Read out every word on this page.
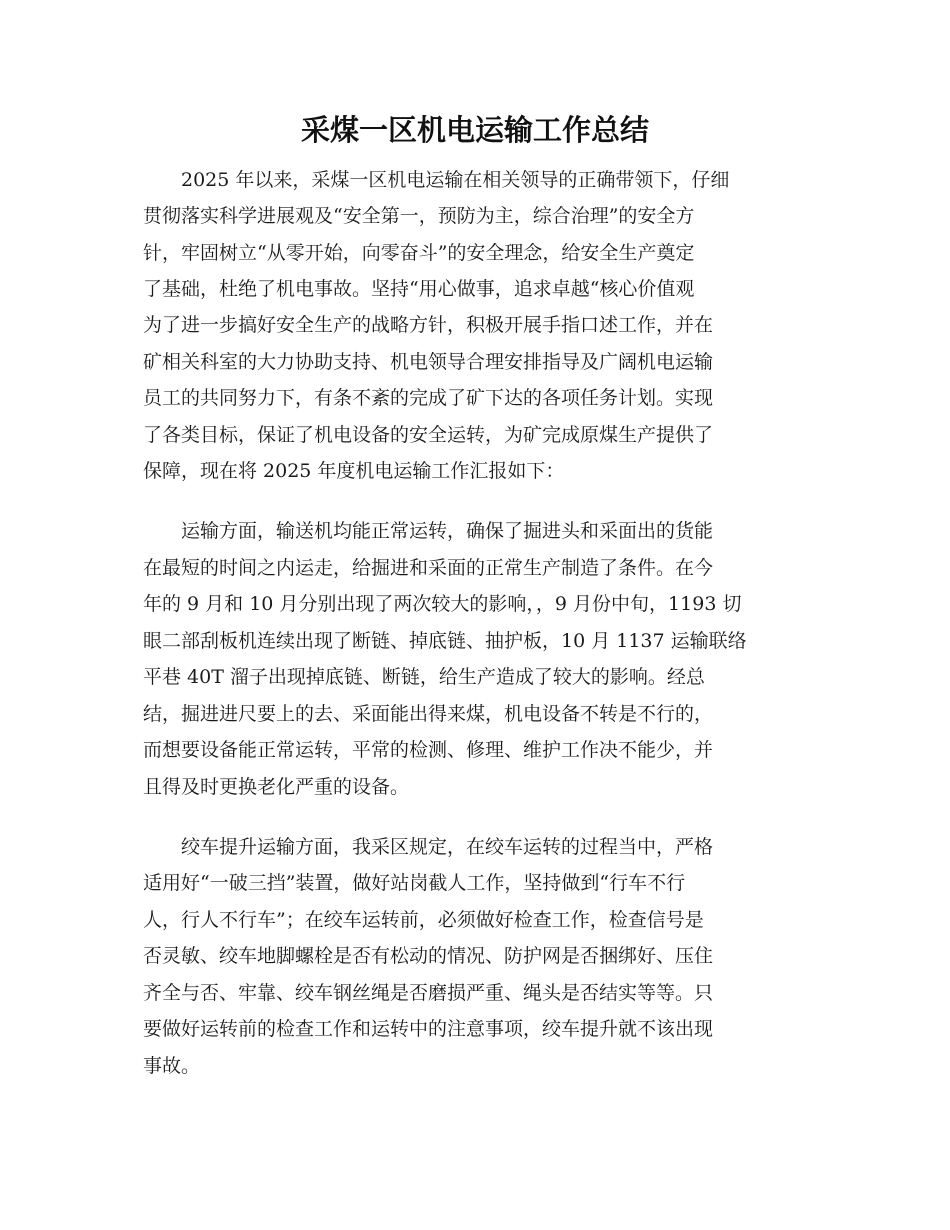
采煤一区机电运输工作总结

　　2025 年以来，采煤一区机电运输在相关领导的正确带领下，仔细

贯彻落实科学进展观及“安全第一，预防为主，综合治理”的安全方

针，牢固树立“从零开始，向零奋斗”的安全理念，给安全生产奠定

了基础，杜绝了机电事故。坚持“用心做事，追求卓越“核心价值观

为了进一步搞好安全生产的战略方针，积极开展手指口述工作，并在

矿相关科室的大力协助支持、机电领导合理安排指导及广阔机电运输

员工的共同努力下，有条不紊的完成了矿下达的各项任务计划。实现

了各类目标，保证了机电设备的安全运转，为矿完成原煤生产提供了

保障，现在将 2025 年度机电运输工作汇报如下：

　　运输方面，输送机均能正常运转，确保了掘进头和采面出的货能

在最短的时间之内运走，给掘进和采面的正常生产制造了条件。在今

年的 9 月和 10 月分别出现了两次较大的影响，，9 月份中旬，1193 切

眼二部刮板机连续出现了断链、掉底链、抽护板，10 月 1137 运输联络

平巷 40T 溜子出现掉底链、断链，给生产造成了较大的影响。经总

结，掘进进尺要上的去、采面能出得来煤，机电设备不转是不行的，

而想要设备能正常运转，平常的检测、修理、维护工作决不能少，并

且得及时更换老化严重的设备。

　　绞车提升运输方面，我采区规定，在绞车运转的过程当中，严格

适用好“一破三挡”装置，做好站岗截人工作，坚持做到“行车不行

人，行人不行车”；在绞车运转前，必须做好检查工作，检查信号是

否灵敏、绞车地脚螺栓是否有松动的情况、防护网是否捆绑好、压住

齐全与否、牢靠、绞车钢丝绳是否磨损严重、绳头是否结实等等。只

要做好运转前的检查工作和运转中的注意事项，绞车提升就不该出现

事故。
